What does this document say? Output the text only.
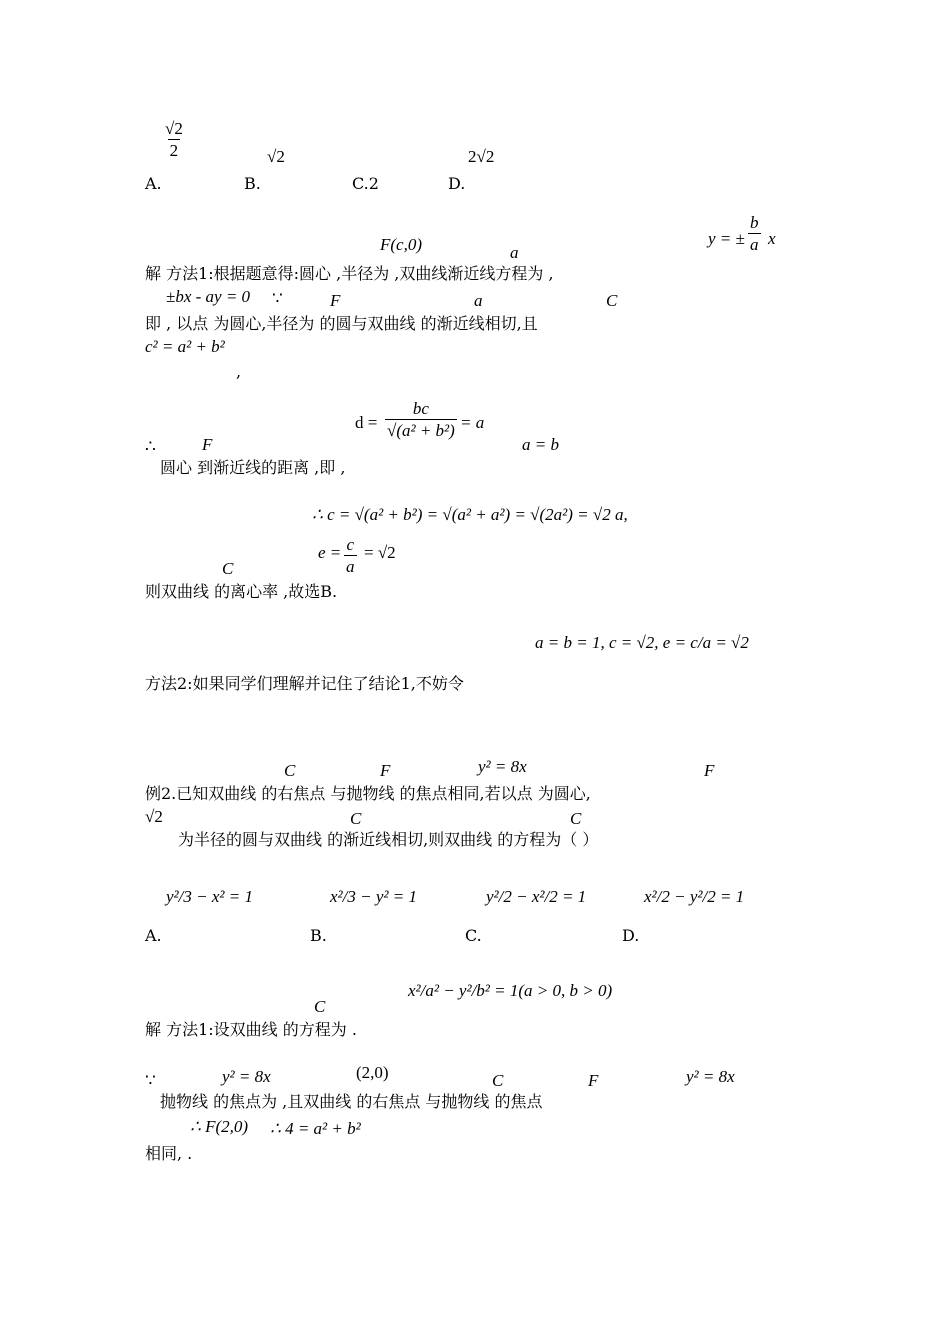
$\frac{√2}{2}$	√2	2√2
A.	B.	C.2	D.
F(c,0)	a
y = ± $\frac{b}{a}$ x
解 方法1:根据题意得:圆心 ,半径为 ,双曲线渐近线方程为 ,
±bx - ay = 0 ∵	F	a	C
即 , 以点 为圆心,半径为 的圆与双曲线 的渐近线相切,且
c² = a² + b²
,
$d = \frac{bc}{\text{√(a² + b²)}} = a$
∴	F	a = b
圆心 到渐近线的距离 ,即 ,
∴ c = √(a² + b²) = √(a² + a²) = √(2a²) = √2 a,
$e = \frac{c}{a} = √2$
C
则双曲线 的离心率 ,故选B.
a = b = 1, c = √2, e = c/a = √2
方法2:如果同学们理解并记住了结论1,不妨令
C	F	y² = 8x	F
例2.已知双曲线 的右焦点 与抛物线 的焦点相同,若以点 为圆心,
√2	C	C
为半径的圆与双曲线 的渐近线相切,则双曲线 的方程为（ ）
y²/3 − x² = 1	x²/3 − y² = 1	y²/2 − x²/2 = 1	x²/2 − y²/2 = 1
A.	B.	C.	D.
x²/a² − y²/b² = 1(a > 0, b > 0)
C
解 方法1:设双曲线 的方程为 .
∵	y² = 8x	(2,0)	C	F	y² = 8x
抛物线 的焦点为 ,且双曲线 的右焦点 与抛物线 的焦点
∴ F(2,0) ∴ 4 = a² + b²
相同, .
